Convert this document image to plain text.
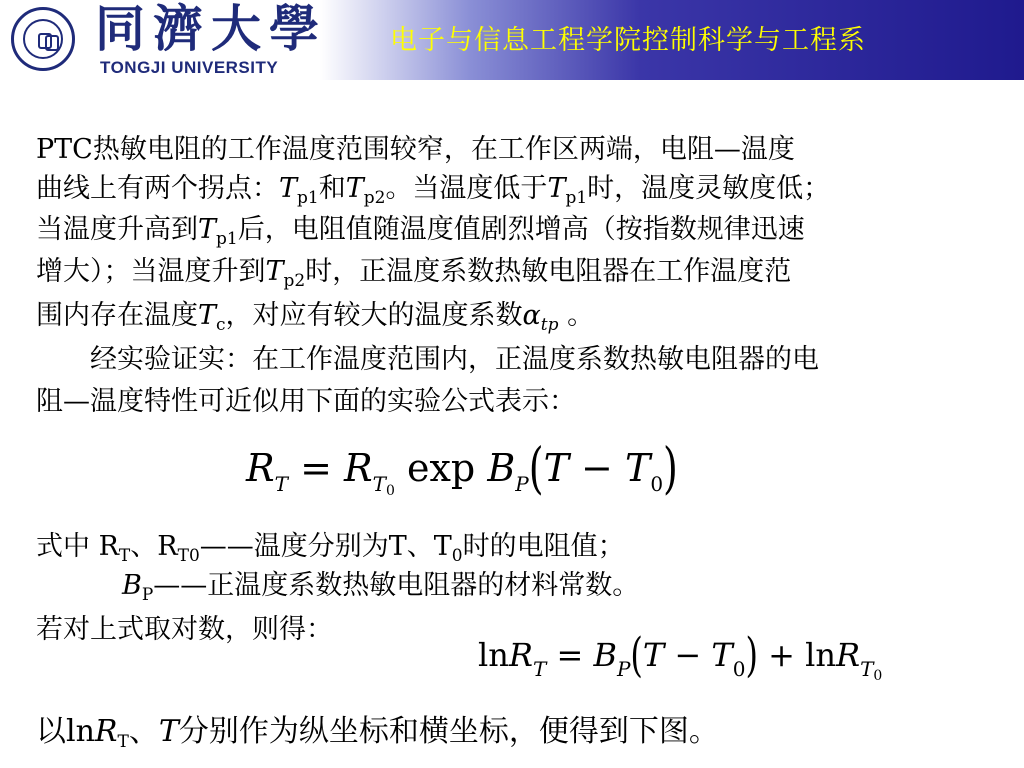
同濟大學
TONGJI UNIVERSITY
电子与信息工程学院控制科学与工程系
PTC热敏电阻的工作温度范围较窄，在工作区两端，电阻—温度
曲线上有两个拐点：$T_{p1}$和$T_{p2}$。当温度低于$T_{p1}$时，温度灵敏度低；
当温度升高到$T_{p1}$后，电阻值随温度值剧烈增高（按指数规律迅速
增大）；当温度升到$T_{p2}$时，正温度系数热敏电阻器在工作温度范
围内存在温度$T_c$，对应有较大的温度系数$\alpha_{tp}$ 。
经实验证实：在工作温度范围内，正温度系数热敏电阻器的电
阻—温度特性可近似用下面的实验公式表示：
$R_T = R_{T_0}$ $\exp B_P(T - T_0)$
式中 $R_T$、$R_{T0}——$温度分别为T、$T_0$时的电阻值；
$B_P——$正温度系数热敏电阻器的材料常数。
若对上式取对数，则得：
$\ln R_T = B_P(T - T_0) + \ln R_{T_0}$
以lnR$_T$、T分别作为纵坐标和横坐标，便得到下图。
